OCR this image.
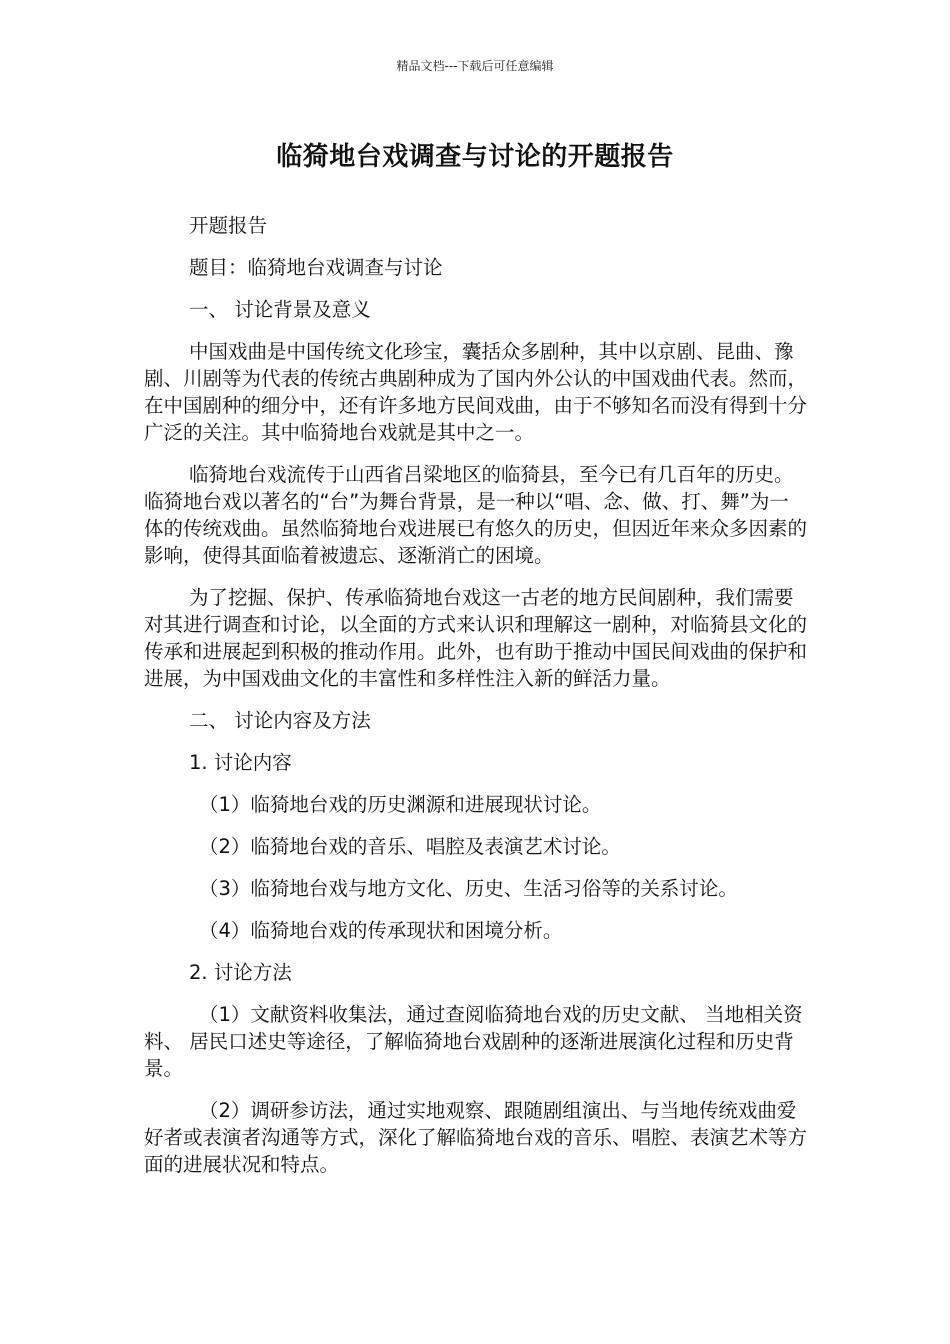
精品文档---下载后可任意编辑
临猗地台戏调查与讨论的开题报告

开题报告

题目：临猗地台戏调查与讨论

一、 讨论背景及意义

中国戏曲是中国传统文化珍宝，囊括众多剧种，其中以京剧、昆曲、豫剧、川剧等为代表的传统古典剧种成为了国内外公认的中国戏曲代表。然而，在中国剧种的细分中，还有许多地方民间戏曲，由于不够知名而没有得到十分广泛的关注。其中临猗地台戏就是其中之一。

临猗地台戏流传于山西省吕梁地区的临猗县，至今已有几百年的历史。临猗地台戏以著名的“台”为舞台背景，是一种以“唱、念、做、打、舞”为一体的传统戏曲。虽然临猗地台戏进展已有悠久的历史，但因近年来众多因素的影响，使得其面临着被遗忘、逐渐消亡的困境。

为了挖掘、保护、传承临猗地台戏这一古老的地方民间剧种，我们需要对其进行调查和讨论，以全面的方式来认识和理解这一剧种，对临猗县文化的传承和进展起到积极的推动作用。此外，也有助于推动中国民间戏曲的保护和进展，为中国戏曲文化的丰富性和多样性注入新的鲜活力量。

二、 讨论内容及方法

1. 讨论内容

（1）临猗地台戏的历史渊源和进展现状讨论。

（2）临猗地台戏的音乐、唱腔及表演艺术讨论。

（3）临猗地台戏与地方文化、历史、生活习俗等的关系讨论。

（4）临猗地台戏的传承现状和困境分析。

2. 讨论方法

（1）文献资料收集法，通过查阅临猗地台戏的历史文献、 当地相关资料、 居民口述史等途径，了解临猗地台戏剧种的逐渐进展演化过程和历史背景。

（2）调研参访法，通过实地观察、跟随剧组演出、与当地传统戏曲爱好者或表演者沟通等方式，深化了解临猗地台戏的音乐、唱腔、表演艺术等方面的进展状况和特点。
